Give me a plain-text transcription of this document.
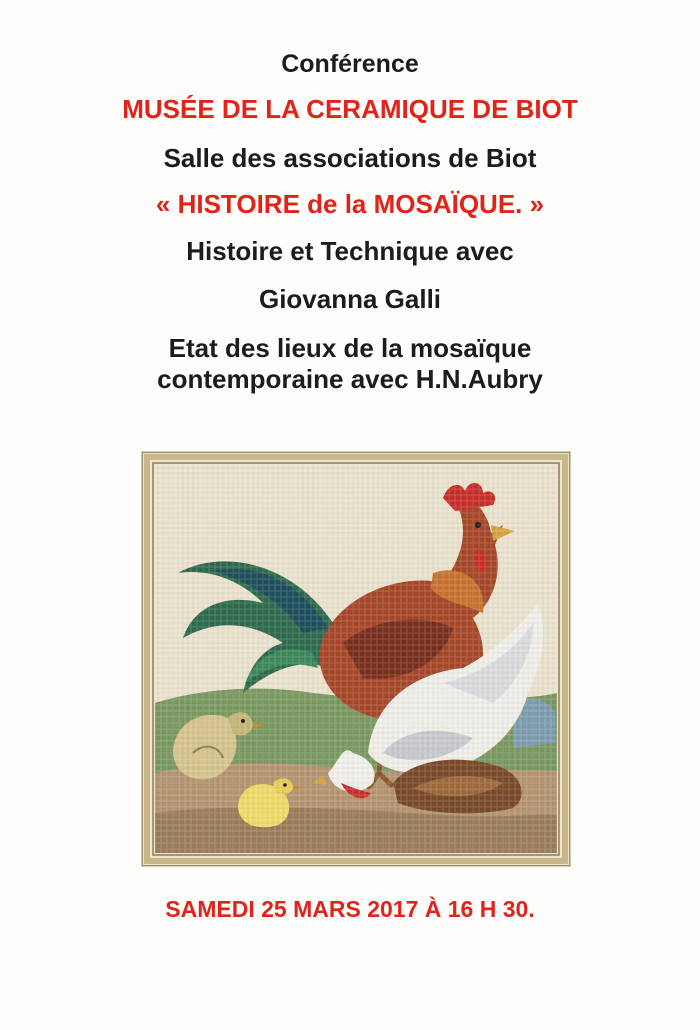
Conférence
MUSÉE DE LA CERAMIQUE DE BIOT
Salle des associations de Biot
« HISTOIRE de la MOSAÏQUE. »
Histoire et Technique avec
Giovanna Galli
Etat des lieux de la mosaïque
contemporaine avec H.N.Aubry
SAMEDI 25 MARS 2017 À 16 H 30.
